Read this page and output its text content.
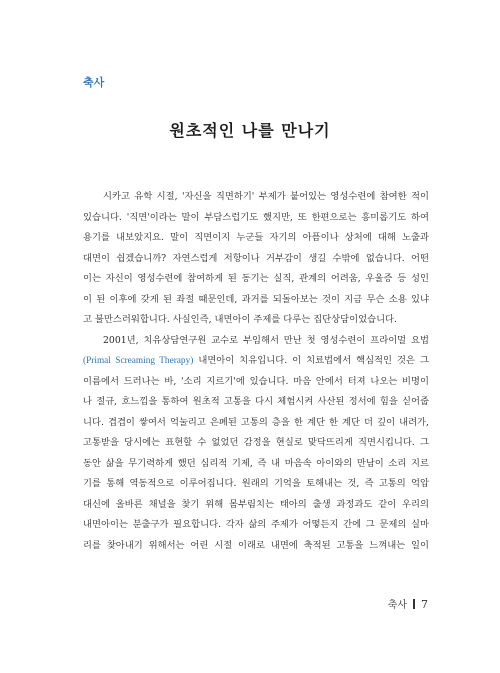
축사
원초적인 나를 만나기
시카고 유학 시절, '자신을 직면하기' 부제가 붙어있는 영성수련에 참여한 적이
있습니다. '직면'이라는 말이 부담스럽기도 했지만, 또 한편으로는 흥미롭기도 하여
용기를 내보았지요. 말이 직면이지 누군들 자기의 아픔이나 상처에 대해 노출과
대면이 쉽겠습니까? 자연스럽게 저항이나 거부감이 생길 수밖에 없습니다. 어떤
이는 자신이 영성수련에 참여하게 된 동기는 실직, 관계의 어려움, 우울증 등 성인
이 된 이후에 갖게 된 좌절 때문인데, 과거를 되돌아보는 것이 지금 무슨 소용 있냐
고 불만스러워합니다. 사실인즉, 내면아이 주제를 다루는 집단상담이었습니다.
2001년, 치유상담연구원 교수로 부임해서 만난 첫 영성수련이 프라이멀 요법
(Primal Screaming Therapy) 내면아이 치유입니다. 이 치료법에서 핵심적인 것은 그
이름에서 드러나는 바, '소리 지르기'에 있습니다. 마음 안에서 터져 나오는 비명이
나 절규, 흐느낌을 통하여 원초적 고통을 다시 체험시켜 사산된 정서에 힘을 싣어줍
니다. 겹겹이 쌓여서 억눌리고 은폐된 고통의 층을 한 계단 한 계단 더 깊이 내려가,
고통받을 당시에는 표현할 수 없었던 감정을 현실로 맞닥뜨리게 직면시킵니다. 그
동안 삶을 무기력하게 했던 심리적 기제, 즉 내 마음속 아이와의 만남이 소리 지르
기를 통해 역동적으로 이루어집니다. 원래의 기억을 토해내는 것, 즉 고통의 억압
대신에 올바른 채널을 찾기 위해 몸부림치는 태아의 출생 과정과도 같이 우리의
내면아이는 분출구가 필요합니다. 각자 삶의 주제가 어떻든지 간에 그 문제의 실마
리를 찾아내기 위해서는 어린 시절 이래로 내면에 축적된 고통을 느껴내는 일이
축사 7
